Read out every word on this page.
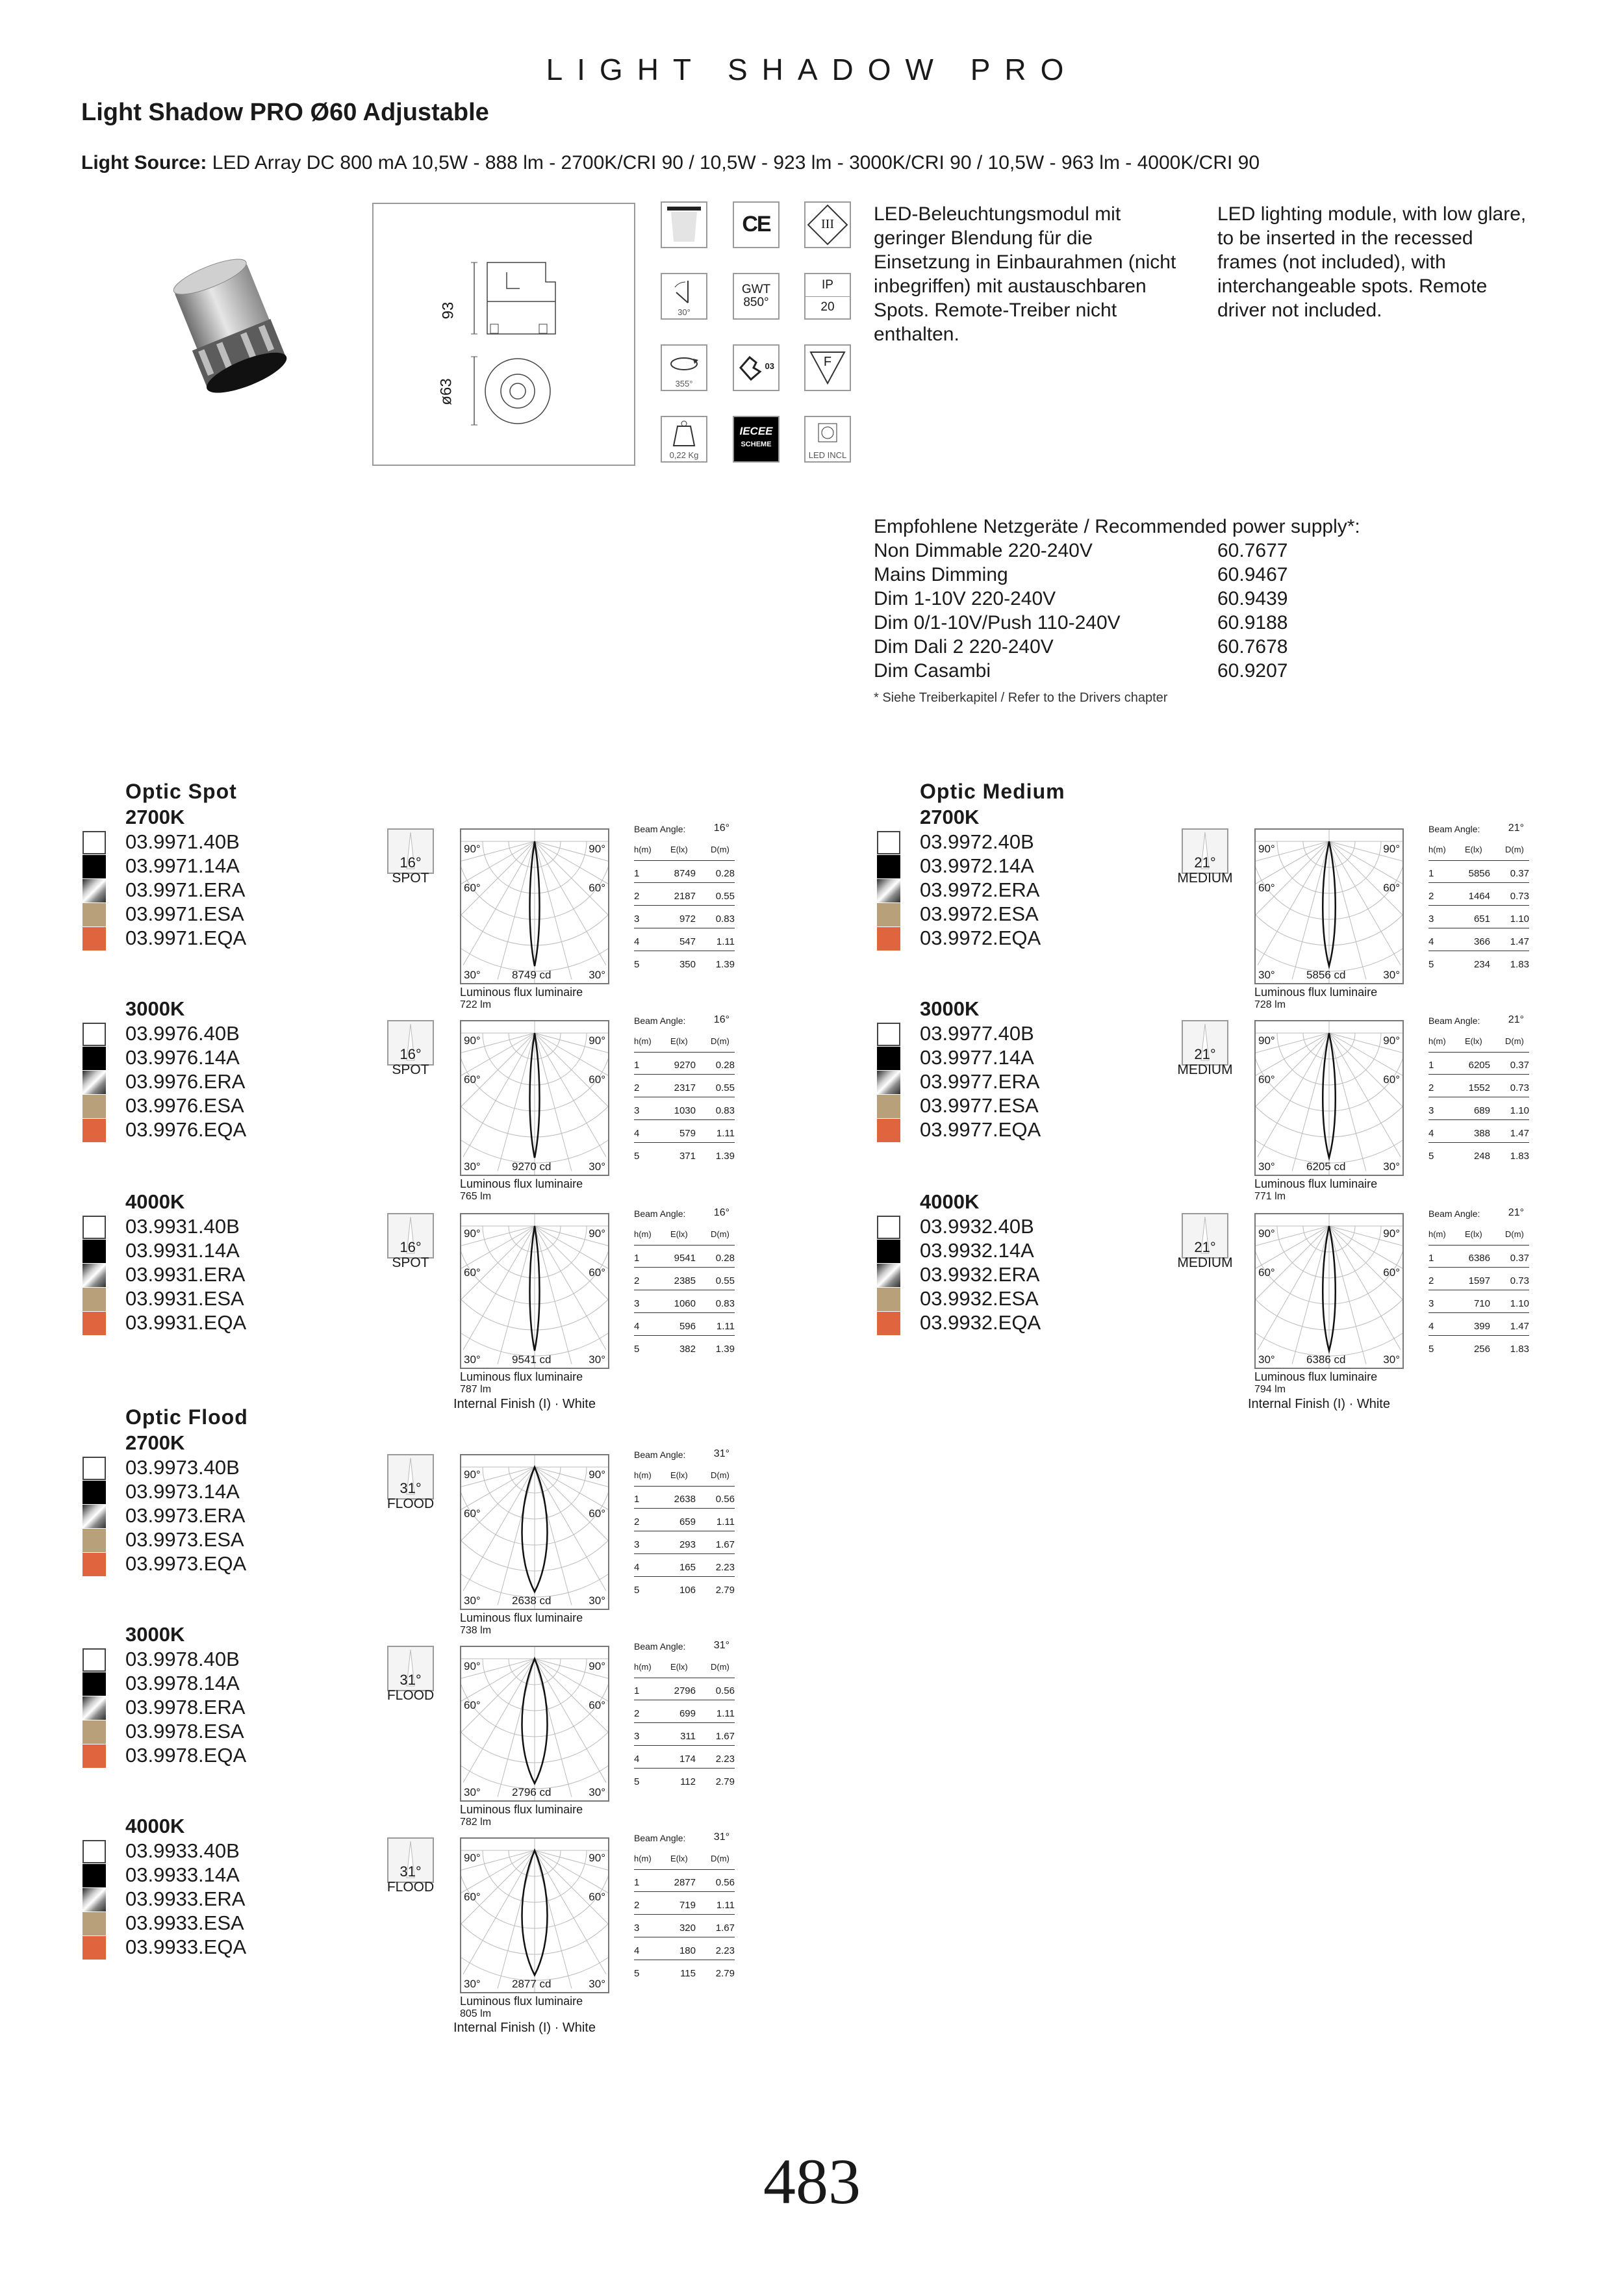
LIGHT SHADOW PRO
Light Shadow PRO Ø60 Adjustable
Light Source: LED Array DC 800 mA 10,5W - 888 lm - 2700K/CRI 90 / 10,5W - 923 lm - 3000K/CRI 90 / 10,5W - 963 lm - 4000K/CRI 90
93
ø63
CE	III
30°
GWT
850°
IP
20
355°
03	F
0,22 Kg
IECEE
SCHEME
LED INCL
LED-Beleuchtungsmodul mit
geringer Blendung für die
Einsetzung in Einbaurahmen (nicht
inbegriffen) mit austauschbaren
Spots. Remote-Treiber nicht
enthalten.
LED lighting module, with low glare,
to be inserted in the recessed
frames (not included), with
interchangeable spots. Remote
driver not included.
Empfohlene Netzgeräte / Recommended power supply*:
Non Dimmable 220-240V	60.7677
Mains Dimming	60.9467
Dim 1-10V 220-240V	60.9439
Dim 0/1-10V/Push 110-240V	60.9188
Dim Dali 2 220-240V	60.7678
Dim Casambi	60.9207
* Siehe Treiberkapitel / Refer to the Drivers chapter
Optic Spot
2700K
03.9971.40B
03.9971.14A
03.9971.ERA
03.9971.ESA
03.9971.EQA
16°
SPOT
90°	90°
60°	60°
30°	30°
8749 cd
Luminous flux luminaire
722 lm
Beam Angle:	16°
h(m) E(lx)	D(m)
1	8749 0.28
2	2187 0.55
3	972 0.83
4	547 1.11
5	350 1.39
3000K
03.9976.40B
03.9976.14A
03.9976.ERA
03.9976.ESA
03.9976.EQA
16°
SPOT
90°	90°
60°	60°
30°	30°
9270 cd
Luminous flux luminaire
765 lm
Beam Angle:	16°
h(m) E(lx)	D(m)
1	9270 0.28
2	2317 0.55
3	1030 0.83
4	579 1.11
5	371 1.39
4000K
03.9931.40B
03.9931.14A
03.9931.ERA
03.9931.ESA
03.9931.EQA
16°
SPOT
90°	90°
60°	60°
30°	30°
9541 cd
Luminous flux luminaire
787 lm
Beam Angle:	16°
h(m) E(lx)	D(m)
1	9541 0.28
2	2385 0.55
3	1060 0.83
4	596 1.11
5	382 1.39
Internal Finish (I) · White
Optic Medium
2700K
03.9972.40B
03.9972.14A
03.9972.ERA
03.9972.ESA
03.9972.EQA
21°
MEDIUM
90°	90°
60°	60°
30°	30°
5856 cd
Luminous flux luminaire
728 lm
Beam Angle:	21°
h(m) E(lx)	D(m)
1	5856 0.37
2	1464 0.73
3	651 1.10
4	366 1.47
5	234 1.83
3000K
03.9977.40B
03.9977.14A
03.9977.ERA
03.9977.ESA
03.9977.EQA
21°
MEDIUM
90°	90°
60°	60°
30°	30°
6205 cd
Luminous flux luminaire
771 lm
Beam Angle:	21°
h(m) E(lx)	D(m)
1	6205 0.37
2	1552 0.73
3	689 1.10
4	388 1.47
5	248 1.83
4000K
03.9932.40B
03.9932.14A
03.9932.ERA
03.9932.ESA
03.9932.EQA
21°
MEDIUM
90°	90°
60°	60°
30°	30°
6386 cd
Luminous flux luminaire
794 lm
Beam Angle:	21°
h(m) E(lx)	D(m)
1	6386 0.37
2	1597 0.73
3	710 1.10
4	399 1.47
5	256 1.83
Internal Finish (I) · White
Optic Flood
2700K
03.9973.40B
03.9973.14A
03.9973.ERA
03.9973.ESA
03.9973.EQA
31°
FLOOD
90°	90°
60°	60°
30°	30°
2638 cd
Luminous flux luminaire
738 lm
Beam Angle:	31°
h(m) E(lx)	D(m)
1	2638 0.56
2	659 1.11
3	293 1.67
4	165 2.23
5	106 2.79
3000K
03.9978.40B
03.9978.14A
03.9978.ERA
03.9978.ESA
03.9978.EQA
31°
FLOOD
90°	90°
60°	60°
30°	30°
2796 cd
Luminous flux luminaire
782 lm
Beam Angle:	31°
h(m) E(lx)	D(m)
1	2796 0.56
2	699 1.11
3	311 1.67
4	174 2.23
5	112 2.79
4000K
03.9933.40B
03.9933.14A
03.9933.ERA
03.9933.ESA
03.9933.EQA
31°
FLOOD
90°	90°
60°	60°
30°	30°
2877 cd
Luminous flux luminaire
805 lm
Beam Angle:	31°
h(m) E(lx)	D(m)
1	2877 0.56
2	719 1.11
3	320 1.67
4	180 2.23
5	115 2.79
Internal Finish (I) · White
483
